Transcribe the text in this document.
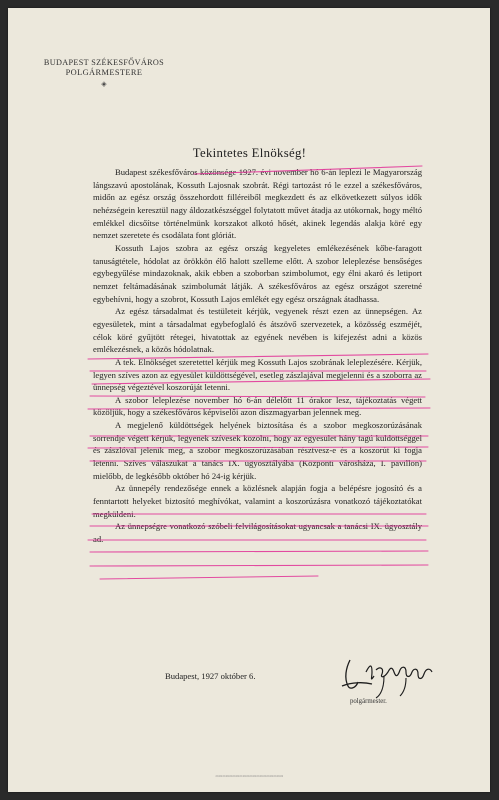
BUDAPEST SZÉKESFŐVÁROS
POLGÁRMESTERE
◈
Tekintetes Elnökség!

Budapest székesfőváros közönsége 1927. évi november hó 6-án leplezi le Magyarország lángszavú apostolának, Kossuth Lajosnak szobrát. Régi tartozást ró le ezzel a székesfőváros, midőn az egész ország összehordott filléreiből megkezdett és az elkövetkezett súlyos idők nehézségein keresztül nagy áldozatkészséggel folytatott művet átadja az utókornak, hogy méltó emlékkel dicsőítse történelmünk korszakot alkotó hősét, akinek legendás alakja köré egy nemzet szeretete és csodálata font glóriát.

Kossuth Lajos szobra az egész ország kegyeletes emlékezésének kőbe-faragott tanuságtétele, hódolat az örökkön élő halott szelleme előtt. A szobor leleplezése bensőséges egybegyűlése mindazoknak, akik ebben a szoborban szimbolumot, egy élni akaró és letiport nemzet feltámadásának szimbolumát látják. A székesfőváros az egész országot szeretné egybehívni, hogy a szobrot, Kossuth Lajos emlékét egy egész országnak átadhassa.

Az egész társadalmat és testületeit kérjük, vegyenek részt ezen az ünnepségen. Az egyesületek, mint a társadalmat egybefoglaló és átszövő szervezetek, a közösség eszméjét, célok köré gyűjtött rétegei, hivatottak az egyének nevében is kifejezést adni a közös emlékezésnek, a közös hódolatnak.

A tek. Elnökséget szeretettel kérjük meg Kossuth Lajos szobrának leleplezésére. Kérjük, legyen szíves azon az egyesület küldöttségével, esetleg zászlajával megjelenni és a szoborra az ünnepség végeztével koszorúját letenni.

A szobor leleplezése november hó 6-án délelőtt 11 órakor lesz, tájékoztatás végett közöljük, hogy a székesfőváros képviselői azon díszmagyarban jelennek meg.

A megjelenő küldöttségek helyének biztosítása és a szobor megkoszorúzásának sorrendje végett kérjük, legyenek szívesek közölni, hogy az egyesület hány tagú küldöttséggel és zászlóval jelenik meg, a szobor megkoszorúzásában résztvesz-e és a koszorút ki fogja letenni. Szíves válaszukat a tanács IX. ügyosztályába (Központi városháza, I. pavillon) mielőbb, de legkésőbb október hó 24-ig kérjük.

Az ünnepély rendezősége ennek a közlésnek alapján fogja a belépésre jogosító és a fenntartott helyeket biztosító meghívókat, valamint a koszorúzásra vonatkozó tájékoztatókat megküldeni.

Az ünnepségre vonatkozó szóbeli felvilágosításokat ugyancsak a tanácsi IX. ügyosztály ad.

Budapest, 1927 október 6.
polgármester.
▭▭▭▭▭▭▭▭▭▭▭▭▭▭▭▭▭▭▭▭
